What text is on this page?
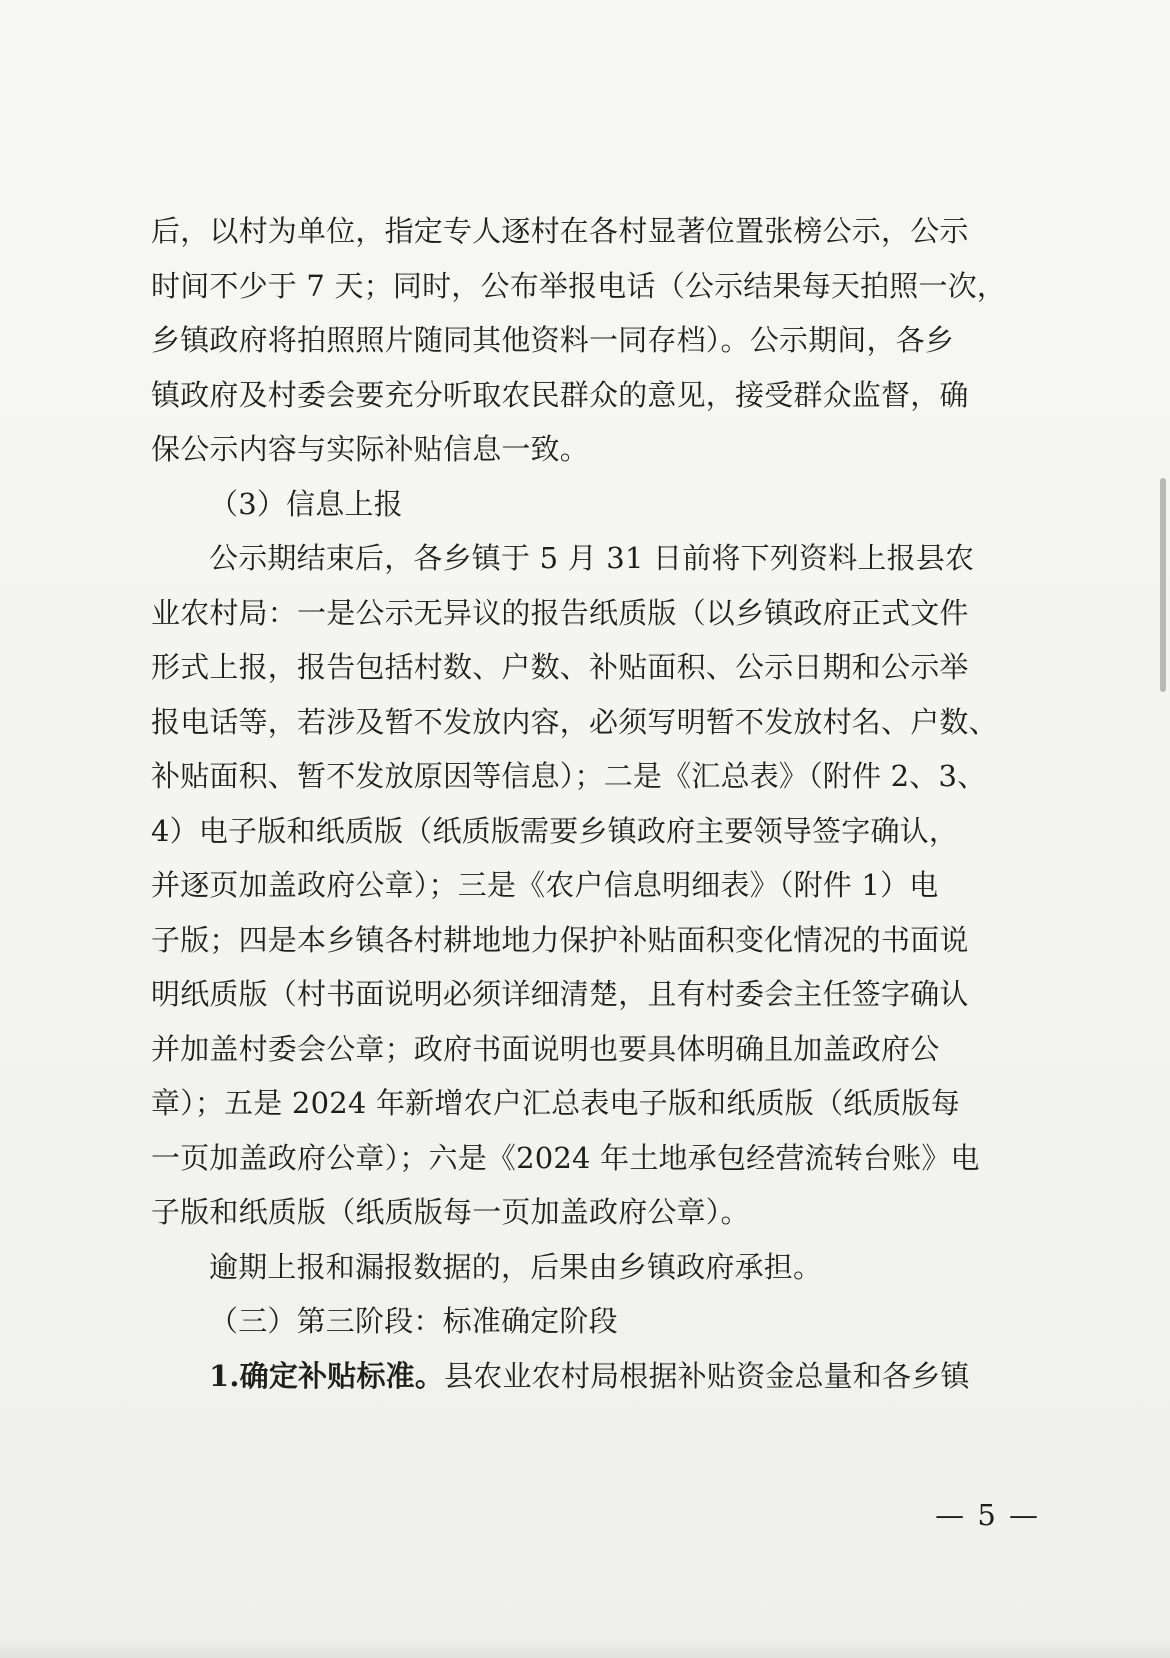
后，以村为单位，指定专人逐村在各村显著位置张榜公示，公示
时间不少于 7 天；同时，公布举报电话（公示结果每天拍照一次，
乡镇政府将拍照照片随同其他资料一同存档）。公示期间，各乡
镇政府及村委会要充分听取农民群众的意见，接受群众监督，确
保公示内容与实际补贴信息一致。
（3）信息上报
公示期结束后，各乡镇于 5 月 31 日前将下列资料上报县农
业农村局：一是公示无异议的报告纸质版（以乡镇政府正式文件
形式上报，报告包括村数、户数、补贴面积、公示日期和公示举
报电话等，若涉及暂不发放内容，必须写明暂不发放村名、户数、
补贴面积、暂不发放原因等信息）；二是《汇总表》（附件 2、3、
4）电子版和纸质版（纸质版需要乡镇政府主要领导签字确认，
并逐页加盖政府公章）；三是《农户信息明细表》（附件 1）电
子版；四是本乡镇各村耕地地力保护补贴面积变化情况的书面说
明纸质版（村书面说明必须详细清楚，且有村委会主任签字确认
并加盖村委会公章；政府书面说明也要具体明确且加盖政府公
章）；五是 2024 年新增农户汇总表电子版和纸质版（纸质版每
一页加盖政府公章）；六是《2024 年土地承包经营流转台账》电
子版和纸质版（纸质版每一页加盖政府公章）。
逾期上报和漏报数据的，后果由乡镇政府承担。
（三）第三阶段：标准确定阶段
1.确定补贴标准。县农业农村局根据补贴资金总量和各乡镇
— 5 —
